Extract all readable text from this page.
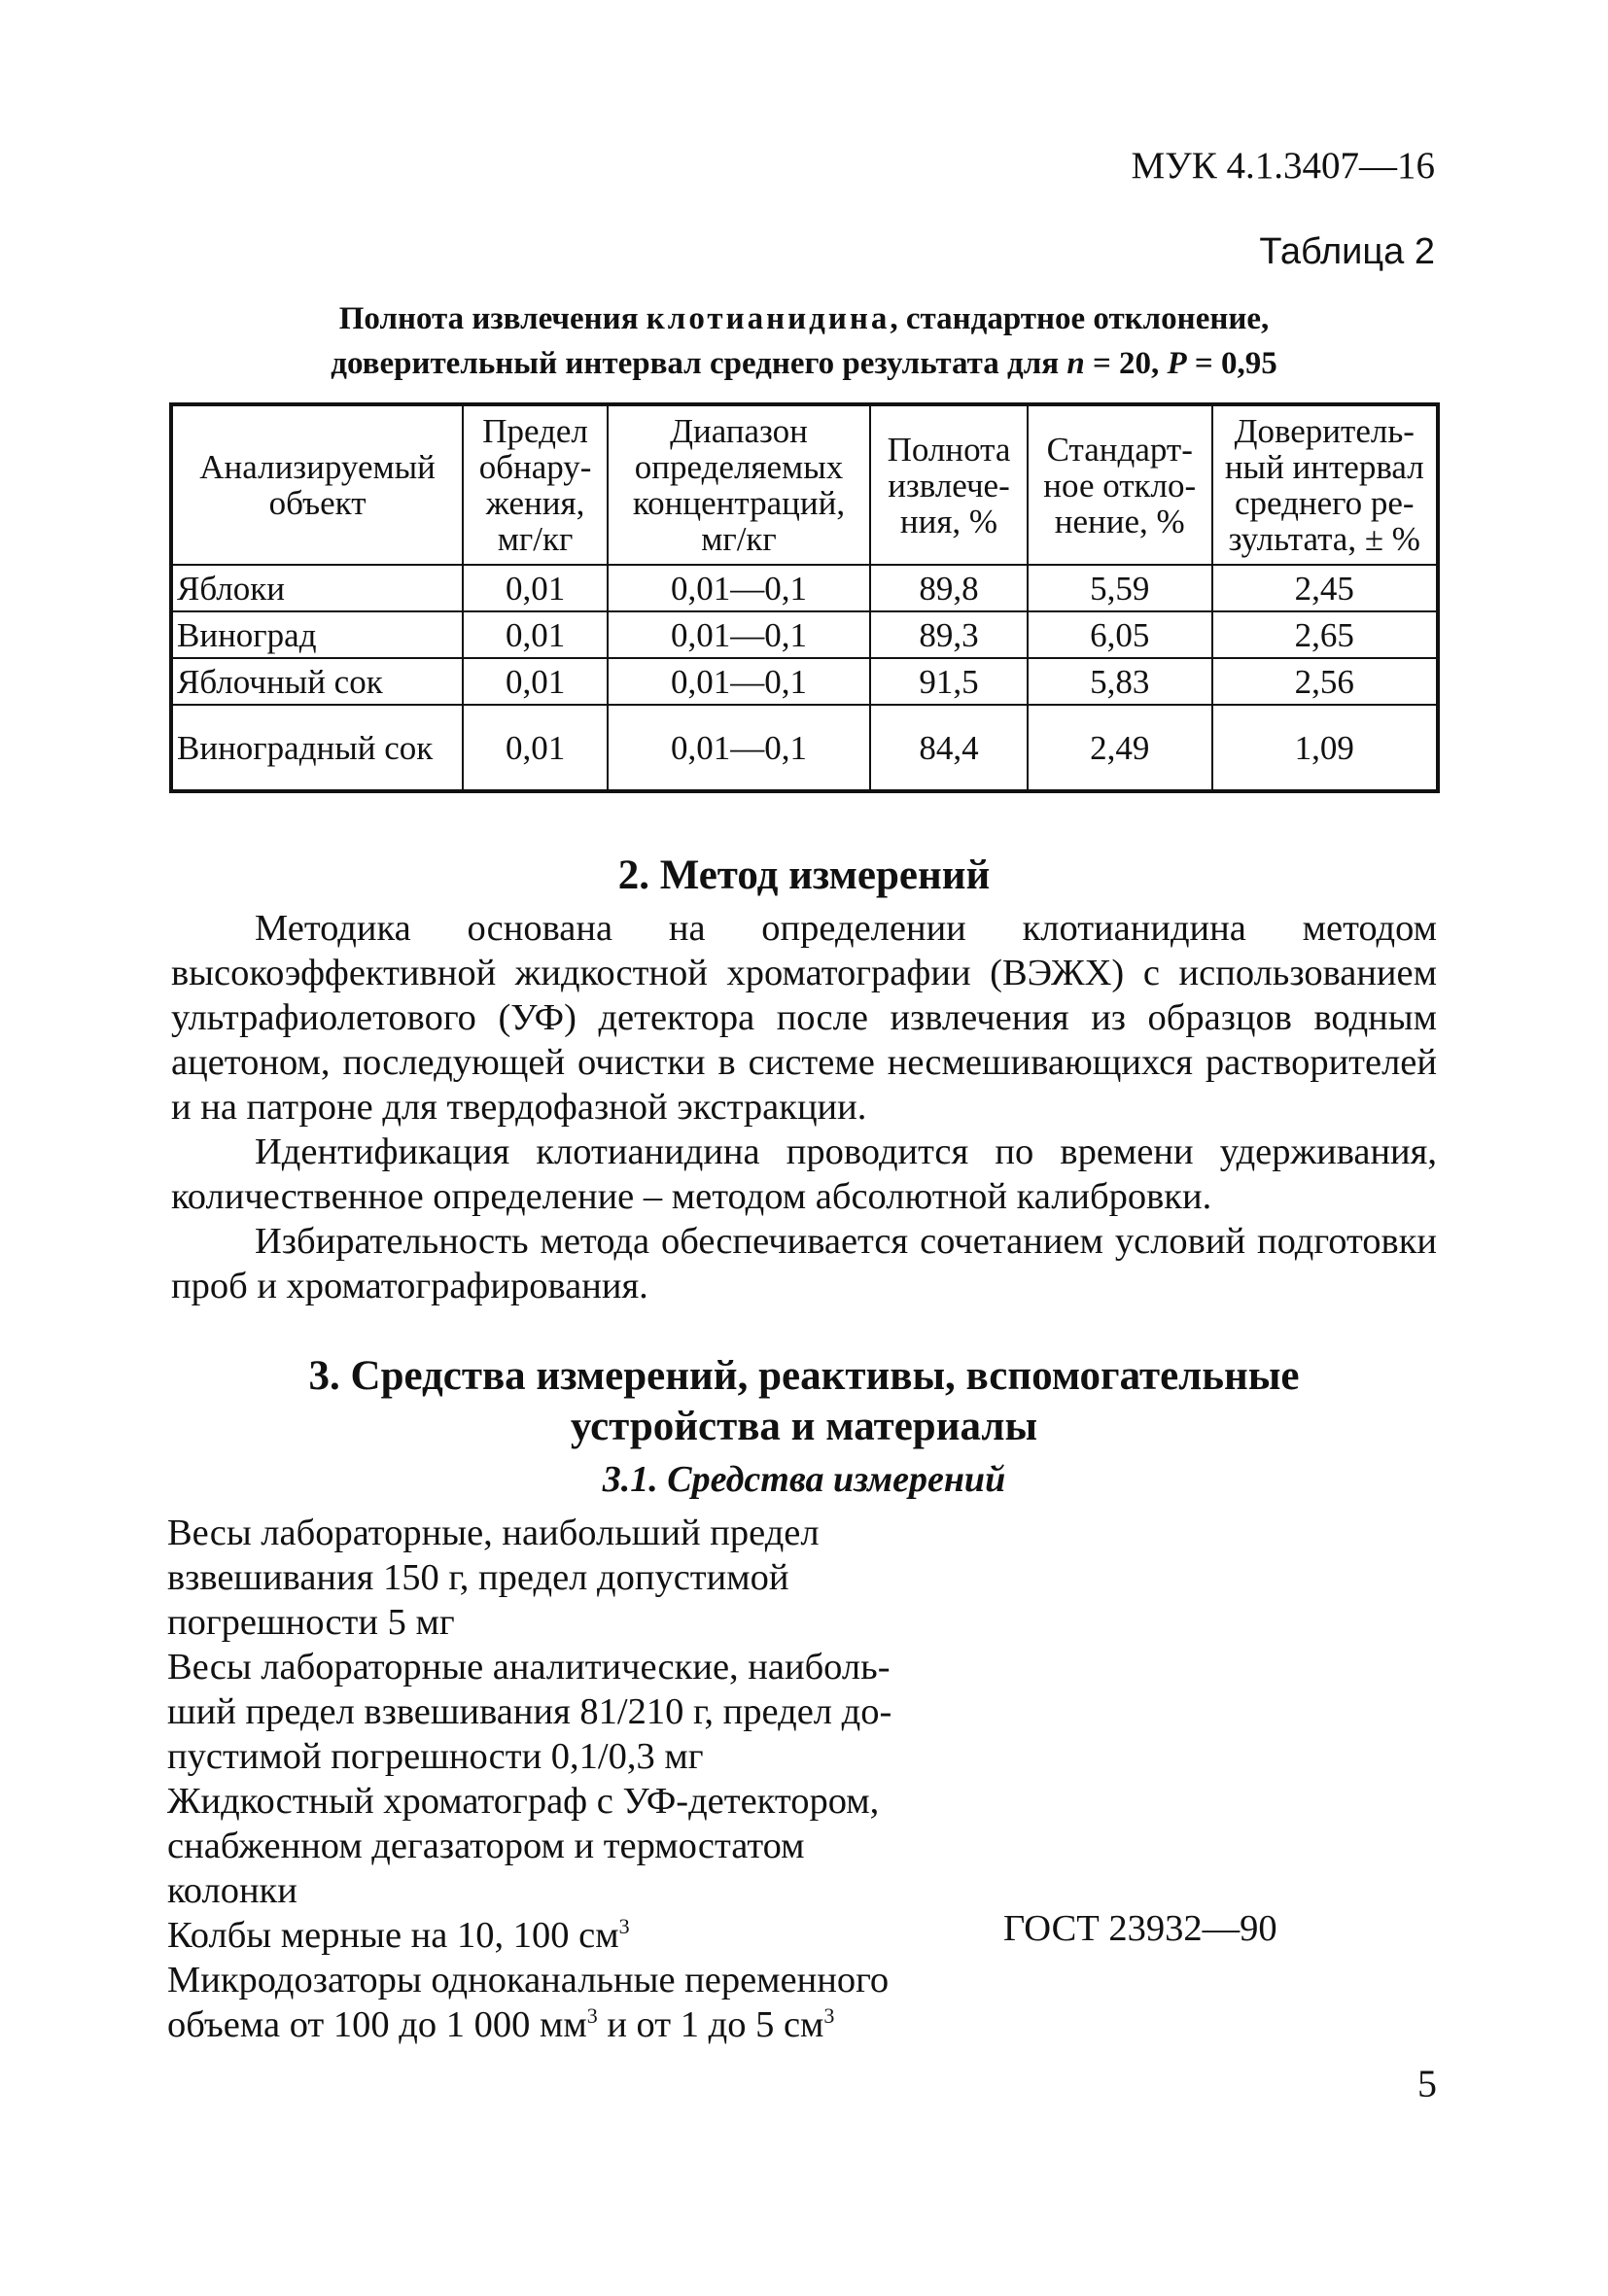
МУК 4.1.3407—16
Таблица 2
Полнота извлечения клотианидина, стандартное отклонение,
доверительный интервал среднего результата для n = 20, P = 0,95
Анализируемый объект	Предел обнару-жения, мг/кг	Диапазон определяемых концентраций, мг/кг	Полнота извлече-ния, %	Стандарт-ное откло-нение, %	Доверитель-ный интервал среднего ре-зультата, ± %
Яблоки	0,01	0,01—0,1	89,8	5,59	2,45
Виноград	0,01	0,01—0,1	89,3	6,05	2,65
Яблочный сок	0,01	0,01—0,1	91,5	5,83	2,56
Виноградный сок	0,01	0,01—0,1	84,4	2,49	1,09
2. Метод измерений

Методика основана на определении клотианидина методом высокоэффективной жидкостной хроматографии (ВЭЖХ) с использованием ультрафиолетового (УФ) детектора после извлечения из образцов водным ацетоном, последующей очистки в системе несмешивающихся растворителей и на патроне для твердофазной экстракции.

Идентификация клотианидина проводится по времени удерживания, количественное определение – методом абсолютной калибровки.

Избирательность метода обеспечивается сочетанием условий подготовки проб и хроматографирования.

3. Средства измерений, реактивы, вспомогательные
устройства и материалы
3.1. Средства измерений
Весы лабораторные, наибольший предел
взвешивания 150 г, предел допустимой
погрешности 5 мг
Весы лабораторные аналитические, наиболь-
ший предел взвешивания 81/210 г, предел до-
пустимой погрешности 0,1/0,3 мг
Жидкостный хроматограф с УФ-детектором,
снабженном дегазатором и термостатом
колонки
Колбы мерные на 10, 100 $см^3$	ГОСТ 23932—90
Микродозаторы одноканальные переменного
объема от 100 до 1 000 $мм^3$ и от 1 до 5 $см^3$
5
